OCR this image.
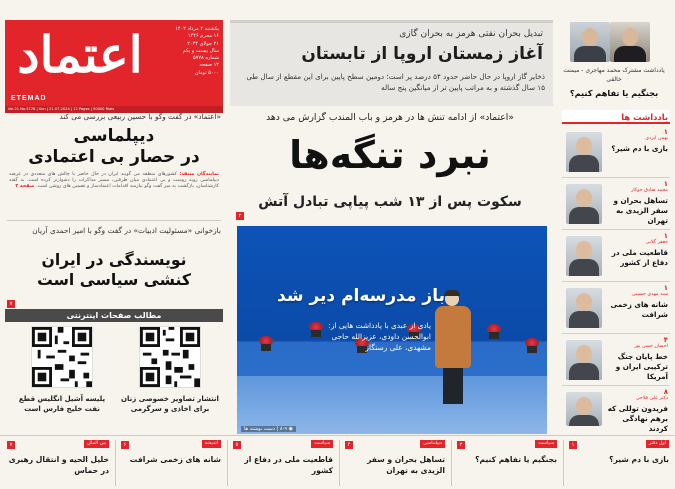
اعتماد
ETEMAD
یکشنبه ۲ مرداد ۱۴۰۳
۱۶ محرم ۱۴۴۶
۲۱ جولای ۲۰۲۴
سال بیست و یکم
شماره ۵۷۷۸
۱۲ صفحه
۵۰۰۰ تومان
Vol.21 No.5778 | Sun | 21.07.2024 | 12 Pages | 50000 Rials
تبدیل بحران نفتی هرمز به بحران گازی
آغاز زمستان اروپا از تابستان
ذخایر گاز اروپا در حال حاضر حدود ۵۴ درصد پر است؛ دومین سطح پایین برای این مقطع از سال طی ۱۵ سال گذشته و به مراتب پایین تر از میانگین پنج ساله
یادداشت مشترک محمد مهاجری - میمنت خالقی
بجنگیم یا تفاهم کنیم؟
«اعتماد» در گفت وگو با حسین ربیعی بررسی می کند
دیپلماسی
در حصار بی اعتمادی
نمایندگان منتقد: کشورهای منطقه می گویند ایران در حال حاضر با چالش های متعددی در عرصه دیپلماسی روبه روست و بی اعتمادی میان طرفین، مسیر مذاکرات را دشوارتر کرده است. به گفته کارشناسان، بازگشت به میز گفت وگو نیازمند اقدامات اعتمادساز و تضمین های روشن است. صفحه ۲
بازخوانی «مسئولیت ادبیات» در گفت وگو با امیر احمدی آریان
نویسندگی در ایران
کنشی سیاسی است
۷
مطالب صفحات اینترنتی
انتشار تصاویر خصوصی زنان برای اخاذی و سرگرمی
پلیسه آشیل انگلیس قطع نفت خلیج فارس است
«اعتماد» از ادامه تنش ها در هرمز و باب المندب گزارش می دهد
نبرد تنگه‌ها
سکوت پس از ۱۳ شب پیاپی تبادل آتش
۲
باز مدرسه‌ام دیر شد
یادی از عبدی با یادداشت هایی از: ابوالحسن داودی، عزیزالله حاجی مشهدی، علی رستگار
◉ ۸-۹ | دست نوشته ها
یادداشت ها
۱
بهمن ایزدی
بازی با دم شیر؟
۱
محمد صادق جوکار
تساهل بحران و سفر الزیدی به تهران
۱
جعفر گلابی
قاطعیت ملی در دفاع از کشور
۱
سید مهدی حسینی
شانه های زخمی شرافت
۴
احسان حسن پور
خط پایان جنگ ترکیبی ایران و آمریکا
۸
دکتر علی فلاحی
فریدون توللی که برهم نهادگی کردند
اول دفتر
بازی با دم شیر؟
۱
سیاست
بجنگیم یا تفاهم کنیم؟
۳
دیپلماسی
تساهل بحران و سفر الزیدی به تهران
۴
سیاست
قاطعیت ملی در دفاع از کشور
۵
اندیشه
شانه های زخمی شرافت
۶
بین الملل
خلیل الحیه و انتقال رهبری در حماس
۷
